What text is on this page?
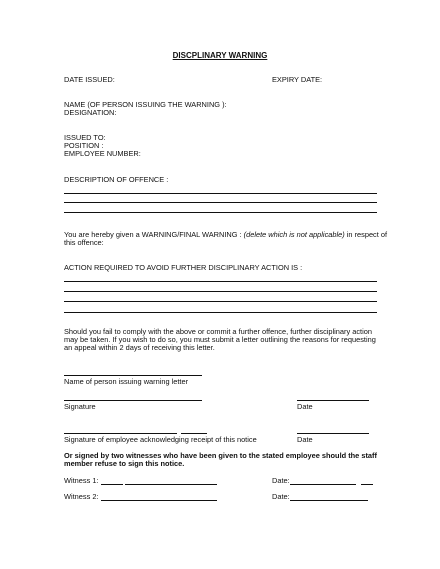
DISCPLINARY WARNING
DATE ISSUED:	EXPIRY DATE:
NAME (OF PERSON ISSUING THE WARNING ):
DESIGNATION:
ISSUED TO:
POSITION :
EMPLOYEE NUMBER:
DESCRIPTION OF OFFENCE :
You are hereby given a WARNING/FINAL WARNING : (delete which is not applicable) in respect of
this offence:
ACTION REQUIRED TO AVOID FURTHER DISCIPLINARY ACTION IS :
Should you fail to comply with the above or commit a further offence, further disciplinary action
may be taken. If you wish to do so, you must submit a letter outlining the reasons for requesting
an appeal within 2 days of receiving this letter.
Name of person issuing warning letter
Signature	Date
Signature of employee acknowledging receipt of this notice	Date
Or signed by two witnesses who have been given to the stated employee should the staff
member refuse to sign this notice.
Witness 1:	Date:
Witness 2:	Date:
